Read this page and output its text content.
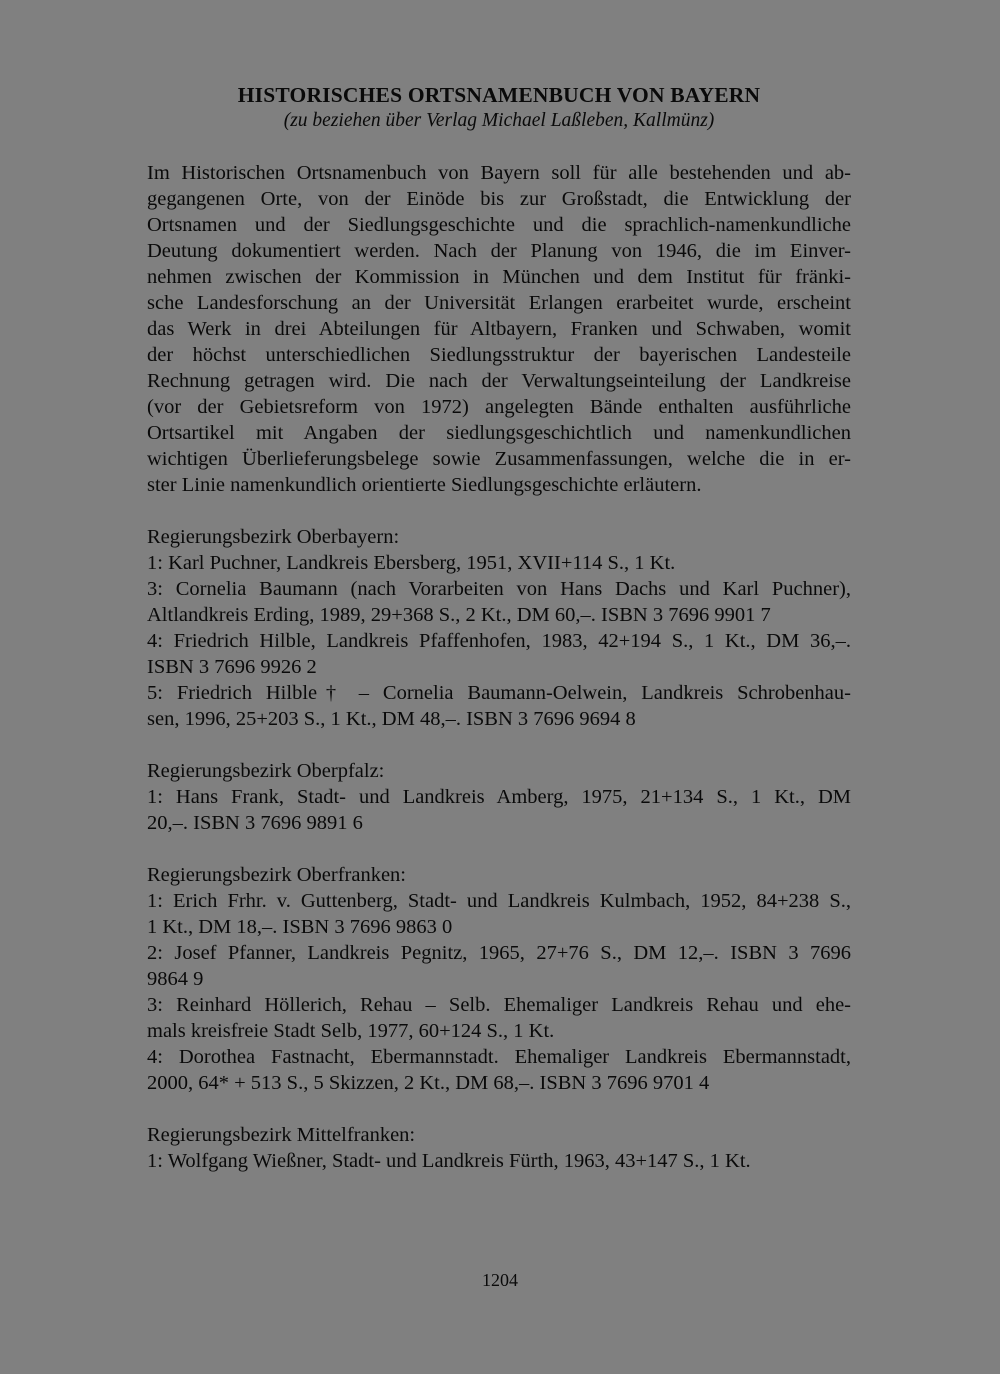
HISTORISCHES ORTSNAMENBUCH VON BAYERN

(zu beziehen über Verlag Michael Laßleben, Kallmünz)

Im Historischen Ortsnamenbuch von Bayern soll für alle bestehenden und ab-
gegangenen Orte, von der Einöde bis zur Großstadt, die Entwicklung der
Ortsnamen und der Siedlungsgeschichte und die sprachlich-namenkundliche
Deutung dokumentiert werden. Nach der Planung von 1946, die im Einver-
nehmen zwischen der Kommission in München und dem Institut für fränki-
sche Landesforschung an der Universität Erlangen erarbeitet wurde, erscheint
das Werk in drei Abteilungen für Altbayern, Franken und Schwaben, womit
der höchst unterschiedlichen Siedlungsstruktur der bayerischen Landesteile
Rechnung getragen wird. Die nach der Verwaltungseinteilung der Landkreise
(vor der Gebietsreform von 1972) angelegten Bände enthalten ausführliche
Ortsartikel mit Angaben der siedlungsgeschichtlich und namenkundlichen
wichtigen Überlieferungsbelege sowie Zusammenfassungen, welche die in er-
ster Linie namenkundlich orientierte Siedlungsgeschichte erläutern.

Regierungsbezirk Oberbayern:

1: Karl Puchner, Landkreis Ebersberg, 1951, XVII+114 S., 1 Kt.

3: Cornelia Baumann (nach Vorarbeiten von Hans Dachs und Karl Puchner),
Altlandkreis Erding, 1989, 29+368 S., 2 Kt., DM 60,–. ISBN 3 7696 9901 7

4: Friedrich Hilble, Landkreis Pfaffenhofen, 1983, 42+194 S., 1 Kt., DM 36,–.
ISBN 3 7696 9926 2

5: Friedrich Hilble† – Cornelia Baumann-Oelwein, Landkreis Schrobenhau-
sen, 1996, 25+203 S., 1 Kt., DM 48,–. ISBN 3 7696 9694 8

Regierungsbezirk Oberpfalz:

1: Hans Frank, Stadt- und Landkreis Amberg, 1975, 21+134 S., 1 Kt., DM
20,–. ISBN 3 7696 9891 6

Regierungsbezirk Oberfranken:

1: Erich Frhr. v. Guttenberg, Stadt- und Landkreis Kulmbach, 1952, 84+238 S.,
1 Kt., DM 18,–. ISBN 3 7696 9863 0

2: Josef Pfanner, Landkreis Pegnitz, 1965, 27+76 S., DM 12,–. ISBN 3 7696
9864 9

3: Reinhard Höllerich, Rehau – Selb. Ehemaliger Landkreis Rehau und ehe-
mals kreisfreie Stadt Selb, 1977, 60+124 S., 1 Kt.

4: Dorothea Fastnacht, Ebermannstadt. Ehemaliger Landkreis Ebermannstadt,
2000, 64* + 513 S., 5 Skizzen, 2 Kt., DM 68,–. ISBN 3 7696 9701 4

Regierungsbezirk Mittelfranken:

1: Wolfgang Wießner, Stadt- und Landkreis Fürth, 1963, 43+147 S., 1 Kt.

1204
